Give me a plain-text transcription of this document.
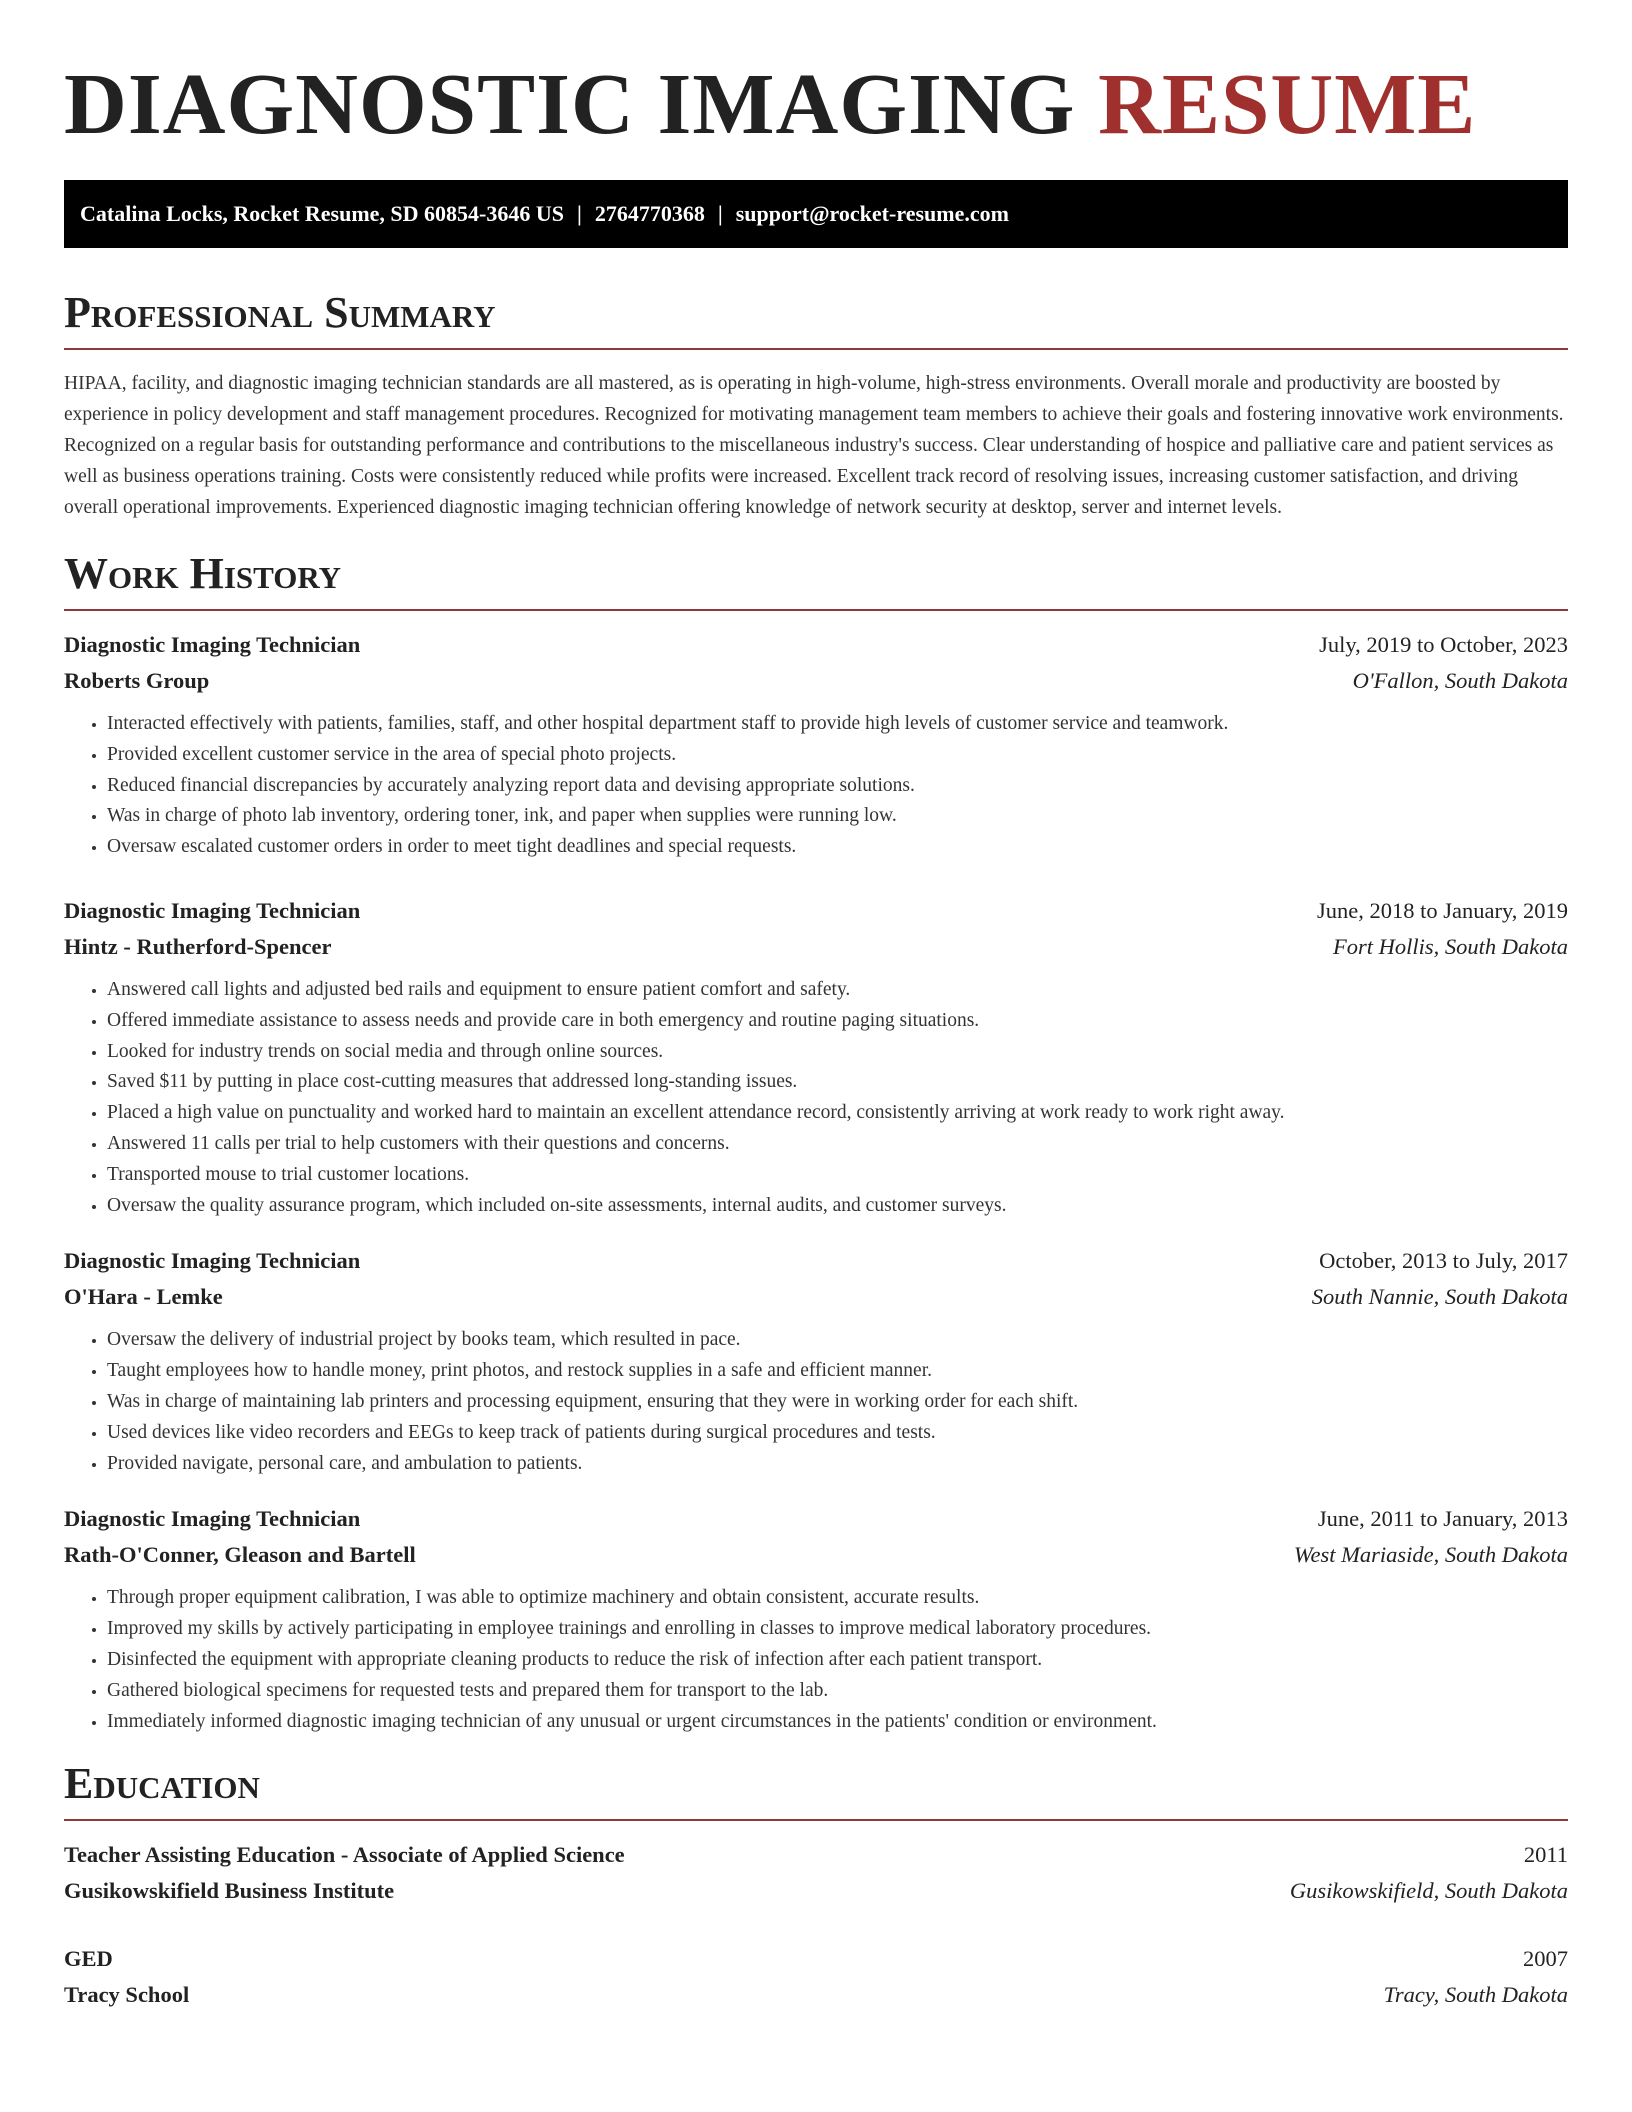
DIAGNOSTIC IMAGING RESUME
Catalina Locks, Rocket Resume, SD 60854-3646 US | 2764770368 | support@rocket-resume.com
Professional Summary

HIPAA, facility, and diagnostic imaging technician standards are all mastered, as is operating in high-volume, high-stress environments. Overall morale and productivity are boosted by experience in policy development and staff management procedures. Recognized for motivating management team members to achieve their goals and fostering innovative work environments. Recognized on a regular basis for outstanding performance and contributions to the miscellaneous industry's success. Clear understanding of hospice and palliative care and patient services as well as business operations training. Costs were consistently reduced while profits were increased. Excellent track record of resolving issues, increasing customer satisfaction, and driving overall operational improvements. Experienced diagnostic imaging technician offering knowledge of network security at desktop, server and internet levels.

Work History
Diagnostic Imaging Technician	July, 2019 to October, 2023
Roberts Group	O'Fallon, South Dakota
• Interacted effectively with patients, families, staff, and other hospital department staff to provide high levels of customer service and teamwork.
• Provided excellent customer service in the area of special photo projects.
• Reduced financial discrepancies by accurately analyzing report data and devising appropriate solutions.
• Was in charge of photo lab inventory, ordering toner, ink, and paper when supplies were running low.
• Oversaw escalated customer orders in order to meet tight deadlines and special requests.
Diagnostic Imaging Technician	June, 2018 to January, 2019
Hintz - Rutherford-Spencer	Fort Hollis, South Dakota
• Answered call lights and adjusted bed rails and equipment to ensure patient comfort and safety.
• Offered immediate assistance to assess needs and provide care in both emergency and routine paging situations.
• Looked for industry trends on social media and through online sources.
• Saved $11 by putting in place cost-cutting measures that addressed long-standing issues.
• Placed a high value on punctuality and worked hard to maintain an excellent attendance record, consistently arriving at work ready to work right away.
• Answered 11 calls per trial to help customers with their questions and concerns.
• Transported mouse to trial customer locations.
• Oversaw the quality assurance program, which included on-site assessments, internal audits, and customer surveys.
Diagnostic Imaging Technician	October, 2013 to July, 2017
O'Hara - Lemke	South Nannie, South Dakota
• Oversaw the delivery of industrial project by books team, which resulted in pace.
• Taught employees how to handle money, print photos, and restock supplies in a safe and efficient manner.
• Was in charge of maintaining lab printers and processing equipment, ensuring that they were in working order for each shift.
• Used devices like video recorders and EEGs to keep track of patients during surgical procedures and tests.
• Provided navigate, personal care, and ambulation to patients.
Diagnostic Imaging Technician	June, 2011 to January, 2013
Rath-O'Conner, Gleason and Bartell	West Mariaside, South Dakota
• Through proper equipment calibration, I was able to optimize machinery and obtain consistent, accurate results.
• Improved my skills by actively participating in employee trainings and enrolling in classes to improve medical laboratory procedures.
• Disinfected the equipment with appropriate cleaning products to reduce the risk of infection after each patient transport.
• Gathered biological specimens for requested tests and prepared them for transport to the lab.
• Immediately informed diagnostic imaging technician of any unusual or urgent circumstances in the patients' condition or environment.
Education
Teacher Assisting Education - Associate of Applied Science	2011
Gusikowskifield Business Institute	Gusikowskifield, South Dakota
GED	2007
Tracy School	Tracy, South Dakota
